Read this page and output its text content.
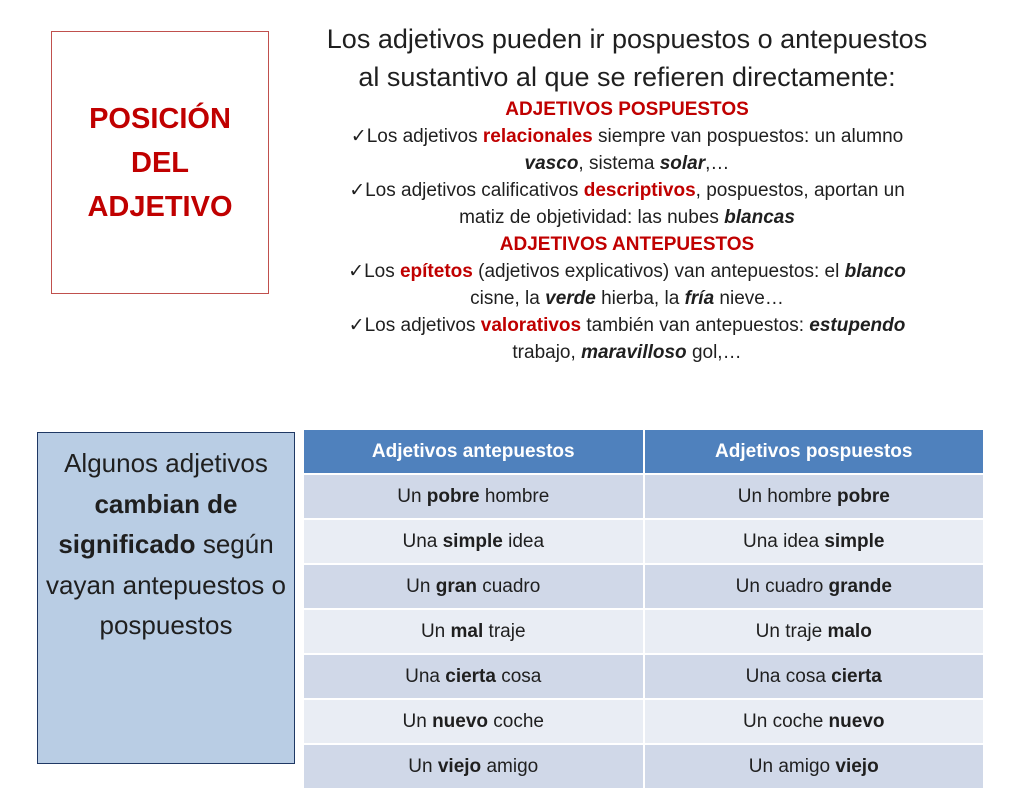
POSICIÓN
DEL
ADJETIVO

Los adjetivos pueden ir pospuestos o antepuestos

al sustantivo al que se refieren directamente:

ADJETIVOS POSPUESTOS

✓Los adjetivos relacionales siempre van pospuestos: un alumno

vasco, sistema solar,…

✓Los adjetivos calificativos descriptivos, pospuestos, aportan un

matiz de objetividad: las nubes blancas

ADJETIVOS ANTEPUESTOS

✓Los epítetos (adjetivos explicativos) van antepuestos: el blanco

cisne, la verde hierba, la fría nieve…

✓Los adjetivos valorativos también van antepuestos: estupendo

trabajo, maravilloso gol,…

Algunos adjetivos cambian de significado según vayan antepuestos o pospuestos
Adjetivos antepuestos	Adjetivos pospuestos
Un pobre hombre	Un hombre pobre
Una simple idea	Una idea simple
Un gran cuadro	Un cuadro grande
Un mal traje	Un traje malo
Una cierta cosa	Una cosa cierta
Un nuevo coche	Un coche nuevo
Un viejo amigo	Un amigo viejo
